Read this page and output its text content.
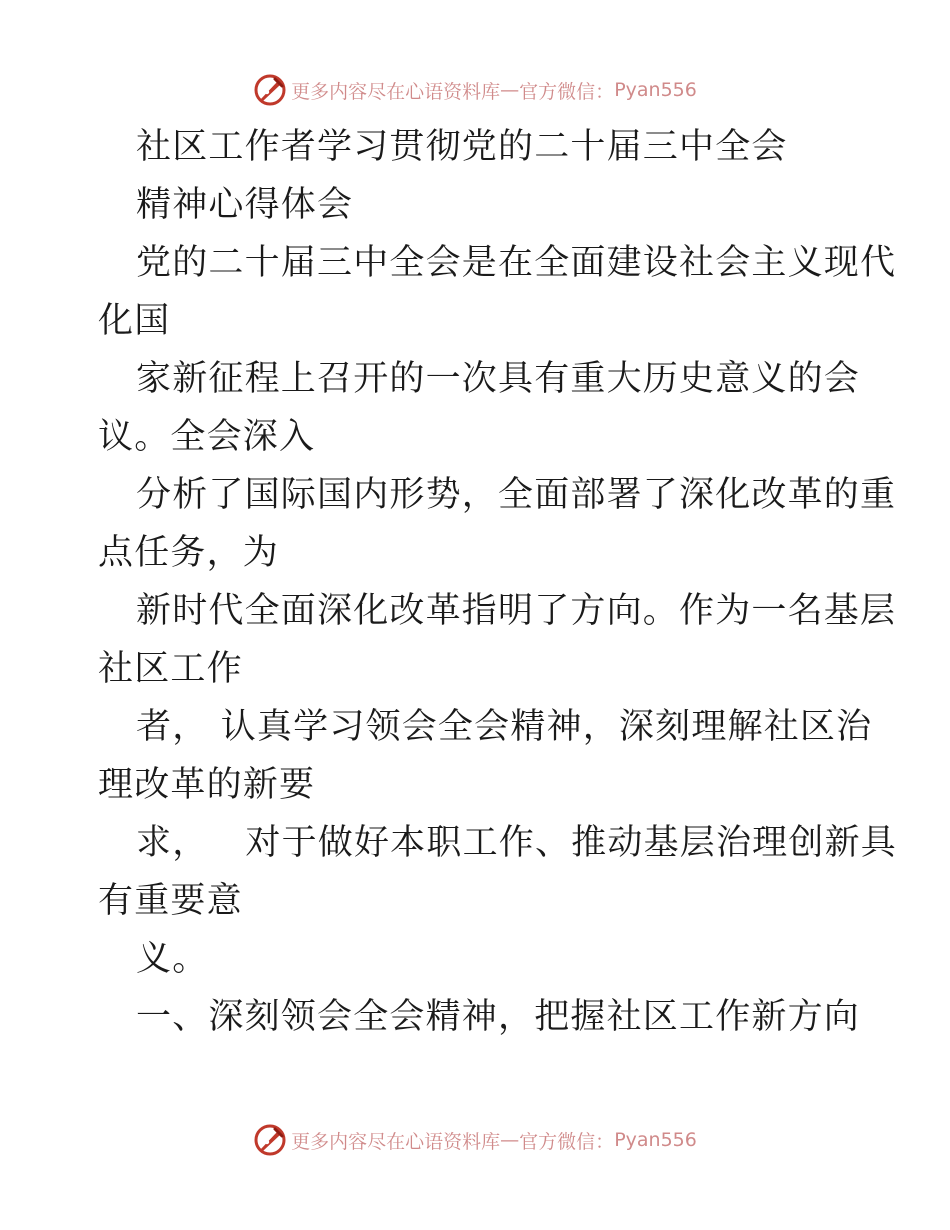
更多内容尽在心语资料库 — 官方微信： Pyan556
社区工作者学习贯彻党的二十届三中全会
精神心得体会
党的二十届三中全会是在全面建设社会主义现代
化国
家新征程上召开的一次具有重大历史意义的会
议。全会深入
分析了国际国内形势，全面部署了深化改革的重
点任务，为
新时代全面深化改革指明了方向。作为一名基层
社区工作
者， 认真学习领会全会精神，深刻理解社区治
理改革的新要
求，   对于做好本职工作、推动基层治理创新具
有重要意
义。
一、深刻领会全会精神，把握社区工作新方向
更多内容尽在心语资料库 — 官方微信： Pyan556
